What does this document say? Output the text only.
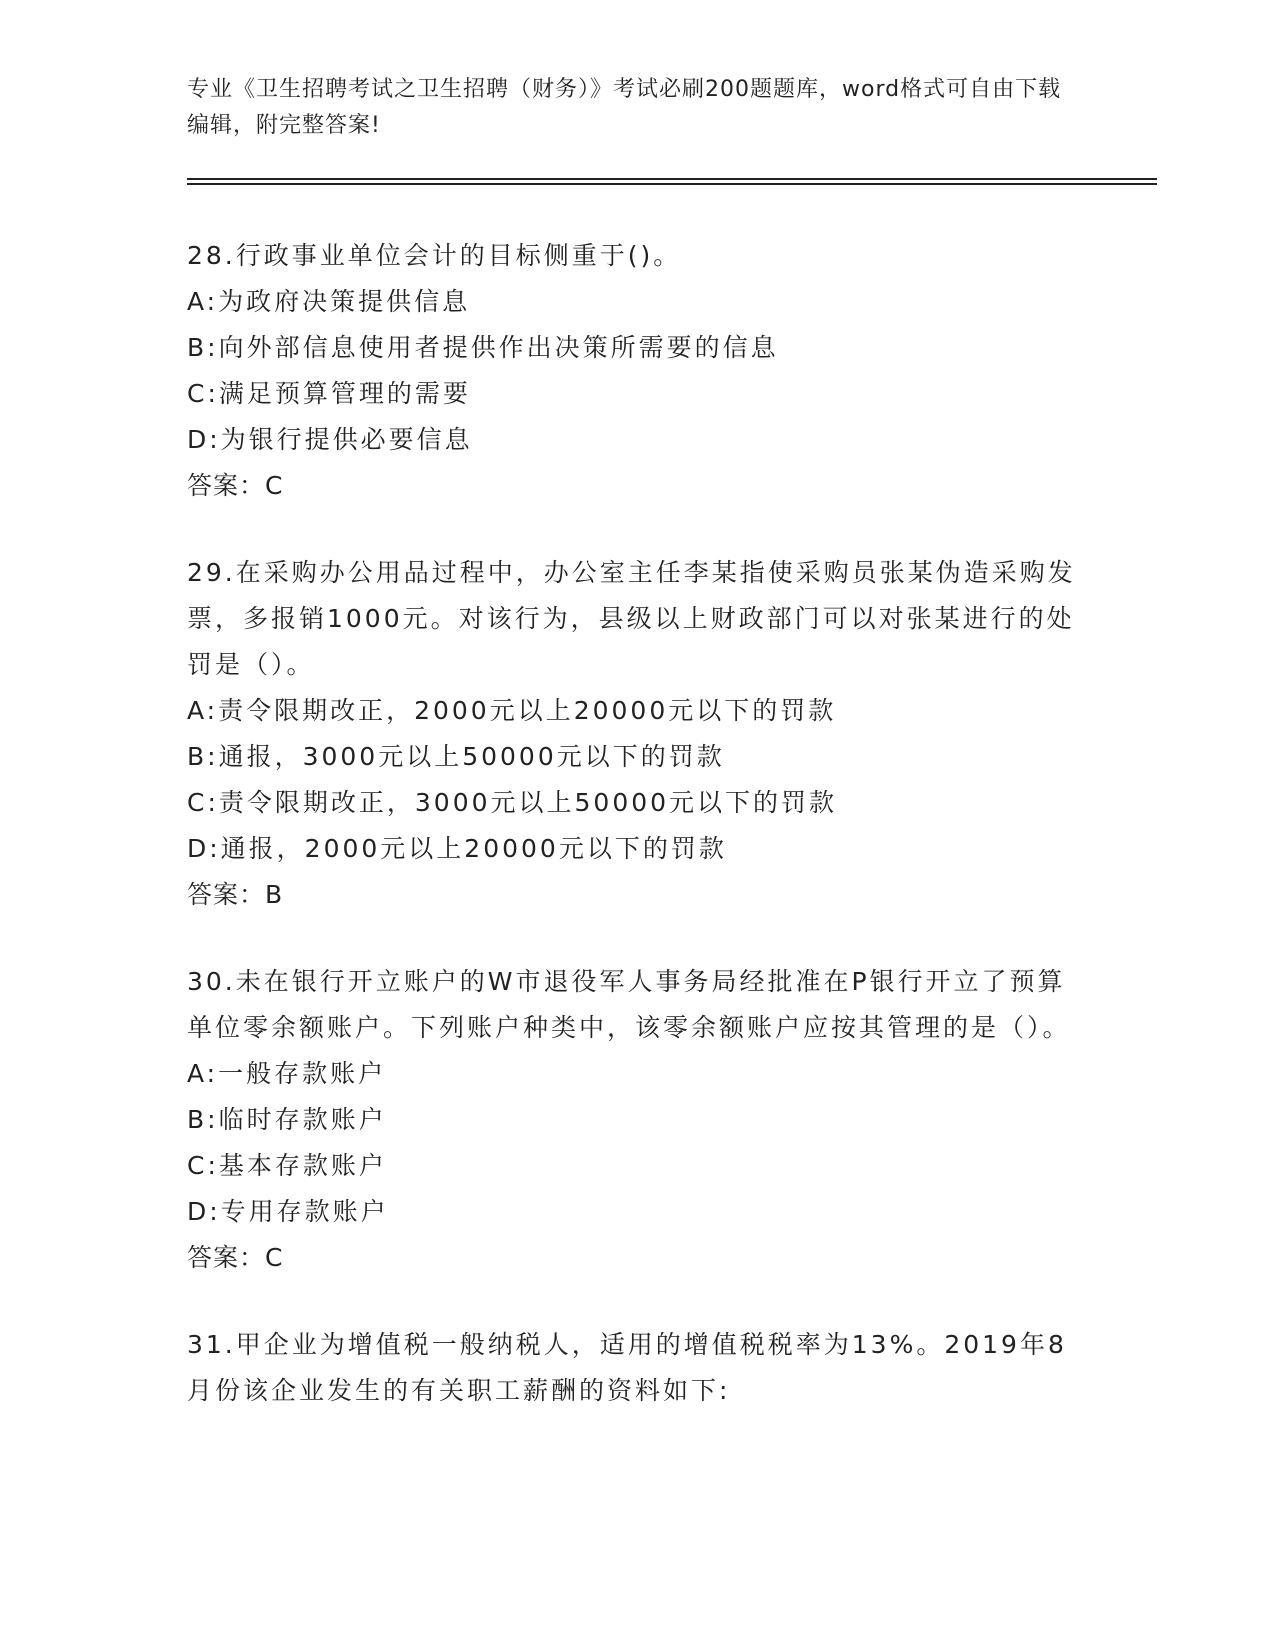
专业《卫生招聘考试之卫生招聘（财务）》考试必刷200题题库，word格式可自由下载编辑，附完整答案!
28.行政事业单位会计的目标侧重于()。
A:为政府决策提供信息
B:向外部信息使用者提供作出决策所需要的信息
C:满足预算管理的需要
D:为银行提供必要信息
答案：C
29.在采购办公用品过程中，办公室主任李某指使采购员张某伪造采购发票，多报销1000元。对该行为，县级以上财政部门可以对张某进行的处罚是（）。
A:责令限期改正，2000元以上20000元以下的罚款
B:通报，3000元以上50000元以下的罚款
C:责令限期改正，3000元以上50000元以下的罚款
D:通报，2000元以上20000元以下的罚款
答案：B
30.未在银行开立账户的W市退役军人事务局经批准在P银行开立了预算单位零余额账户。下列账户种类中，该零余额账户应按其管理的是（）。
A:一般存款账户
B:临时存款账户
C:基本存款账户
D:专用存款账户
答案：C
31.甲企业为增值税一般纳税人，适用的增值税税率为13%。2019年8月份该企业发生的有关职工薪酬的资料如下:
